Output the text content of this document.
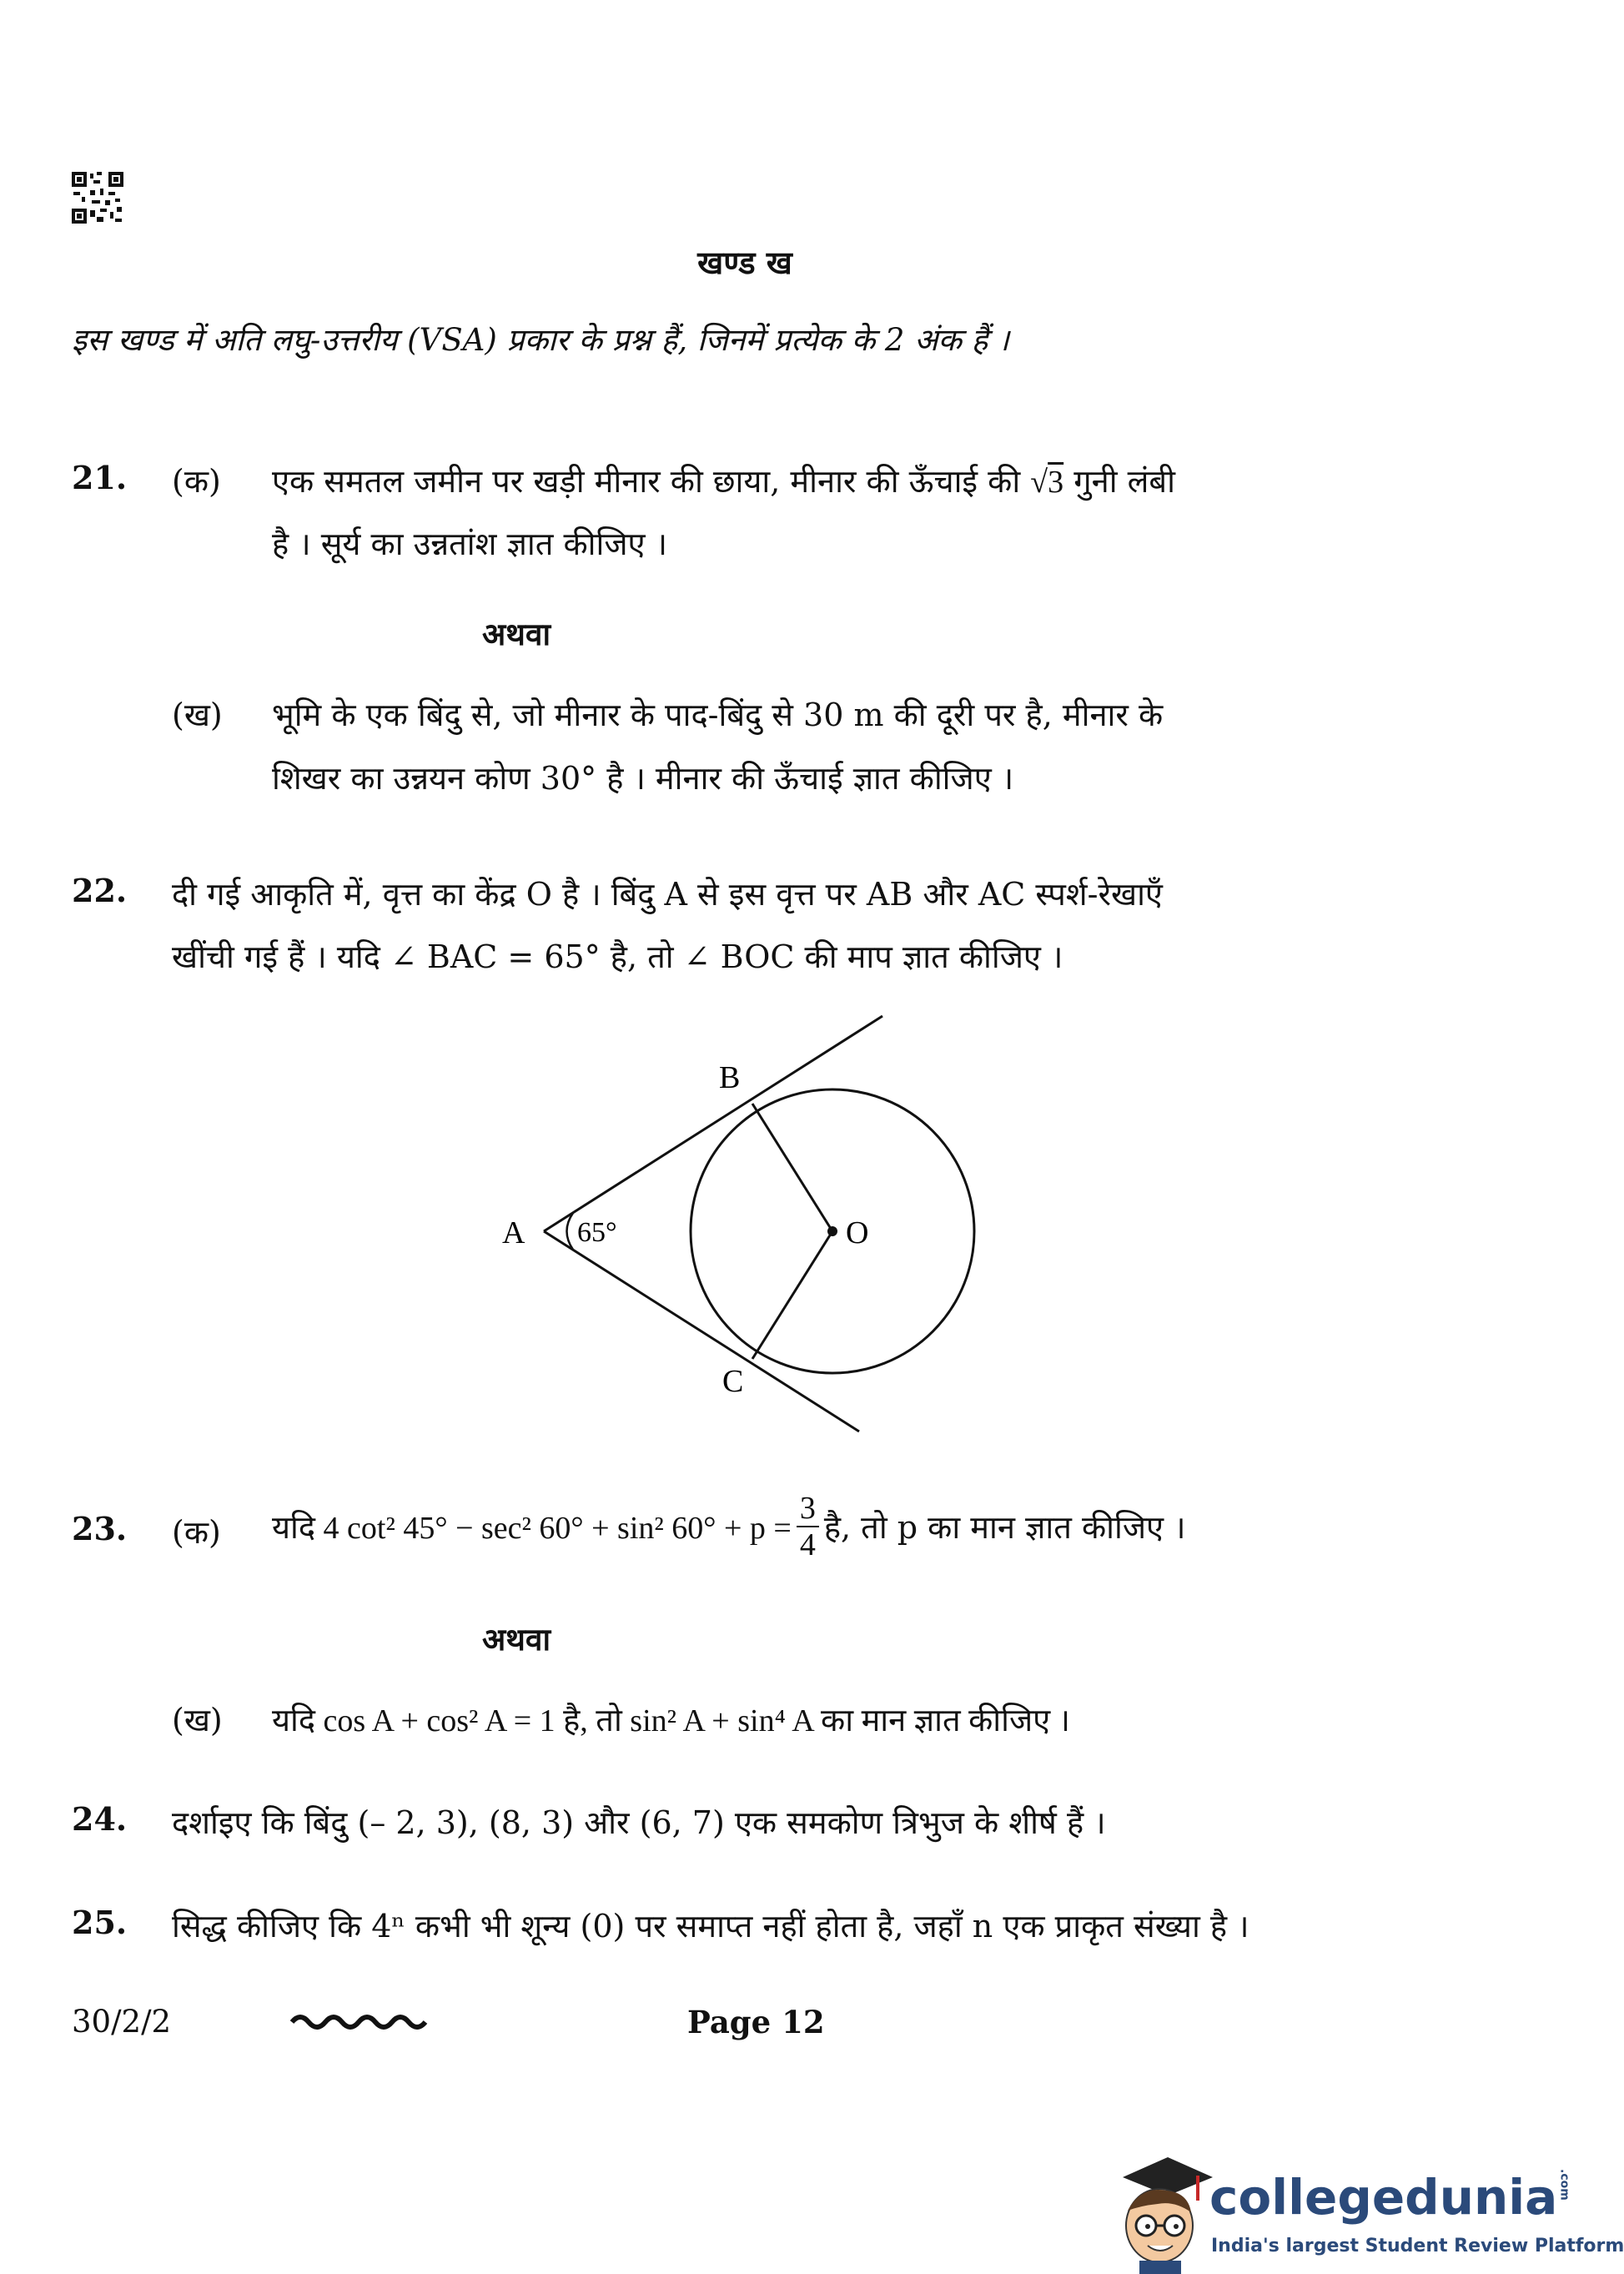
खण्ड ख
इस खण्ड में अति लघु-उत्तरीय (VSA) प्रकार के प्रश्न हैं, जिनमें प्रत्येक के 2 अंक हैं ।
21. (क) एक समतल जमीन पर खड़ी मीनार की छाया, मीनार की ऊँचाई की √3 गुनी लंबी
है । सूर्य का उन्नतांश ज्ञात कीजिए ।
अथवा
(ख) भूमि के एक बिंदु से, जो मीनार के पाद-बिंदु से 30 m की दूरी पर है, मीनार के
शिखर का उन्नयन कोण 30° है । मीनार की ऊँचाई ज्ञात कीजिए ।
22. दी गई आकृति में, वृत्त का केंद्र O है । बिंदु A से इस वृत्त पर AB और AC स्पर्श-रेखाएँ
खींची गई हैं । यदि ∠ BAC = 65° है, तो ∠ BOC की माप ज्ञात कीजिए ।
A
B
C
O
65°
23. (क) यदि 4 cot² 45° − sec² 60° + sin² $60^\circ + p = \frac{3}{4}$ है, तो p का मान ज्ञात कीजिए ।
अथवा
(ख) यदि cos A + cos² A = 1 है, तो sin² A + sin⁴ A का मान ज्ञात कीजिए ।
24. दर्शाइए कि बिंदु (– 2, 3), (8, 3) और (6, 7) एक समकोण त्रिभुज के शीर्ष हैं ।
25. सिद्ध कीजिए कि 4ⁿ कभी भी शून्य (0) पर समाप्त नहीं होता है, जहाँ n एक प्राकृत संख्या है ।
30/2/2	Page 12
collegedunia.com
India's largest Student Review Platform
